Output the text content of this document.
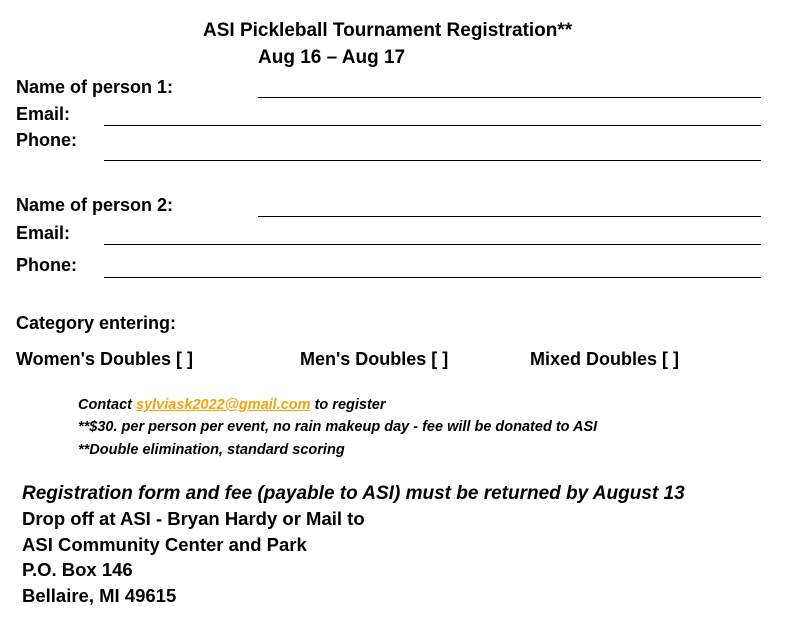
ASI Pickleball Tournament Registration**
Aug 16 – Aug 17
Name of person 1:
Email:
Phone:
Name of person 2:
Email:
Phone:
Category entering:
Women's Doubles [ ]	Men's Doubles [ ]	Mixed Doubles [ ]
Contact sylviask2022@gmail.com to register
**$30. per person per event, no rain makeup day - fee will be donated to ASI
**Double elimination, standard scoring
Registration form and fee (payable to ASI) must be returned by August 13
Drop off at ASI - Bryan Hardy or Mail to
ASI Community Center and Park
P.O. Box 146
Bellaire, MI 49615
